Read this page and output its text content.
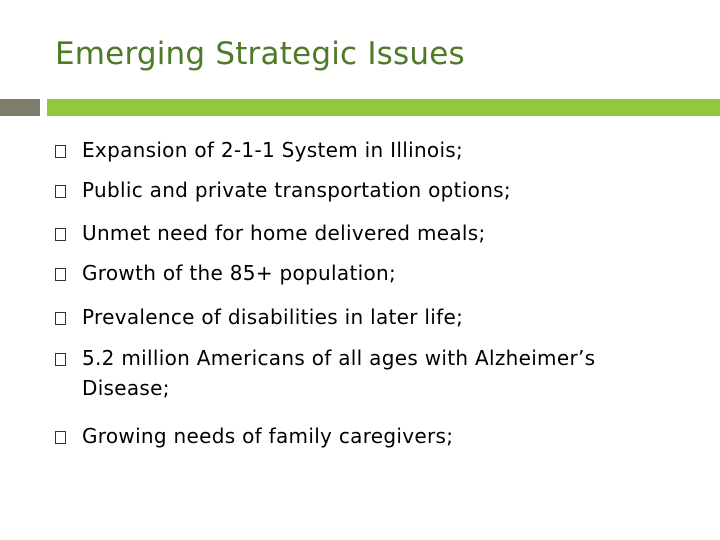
Emerging Strategic Issues
Expansion of 2-1-1 System in Illinois;
Public and private transportation options;
Unmet need for home delivered meals;
Growth of the 85+ population;
Prevalence of disabilities in later life;
5.2 million Americans of all ages with Alzheimer’s Disease;
Growing needs of family caregivers;
